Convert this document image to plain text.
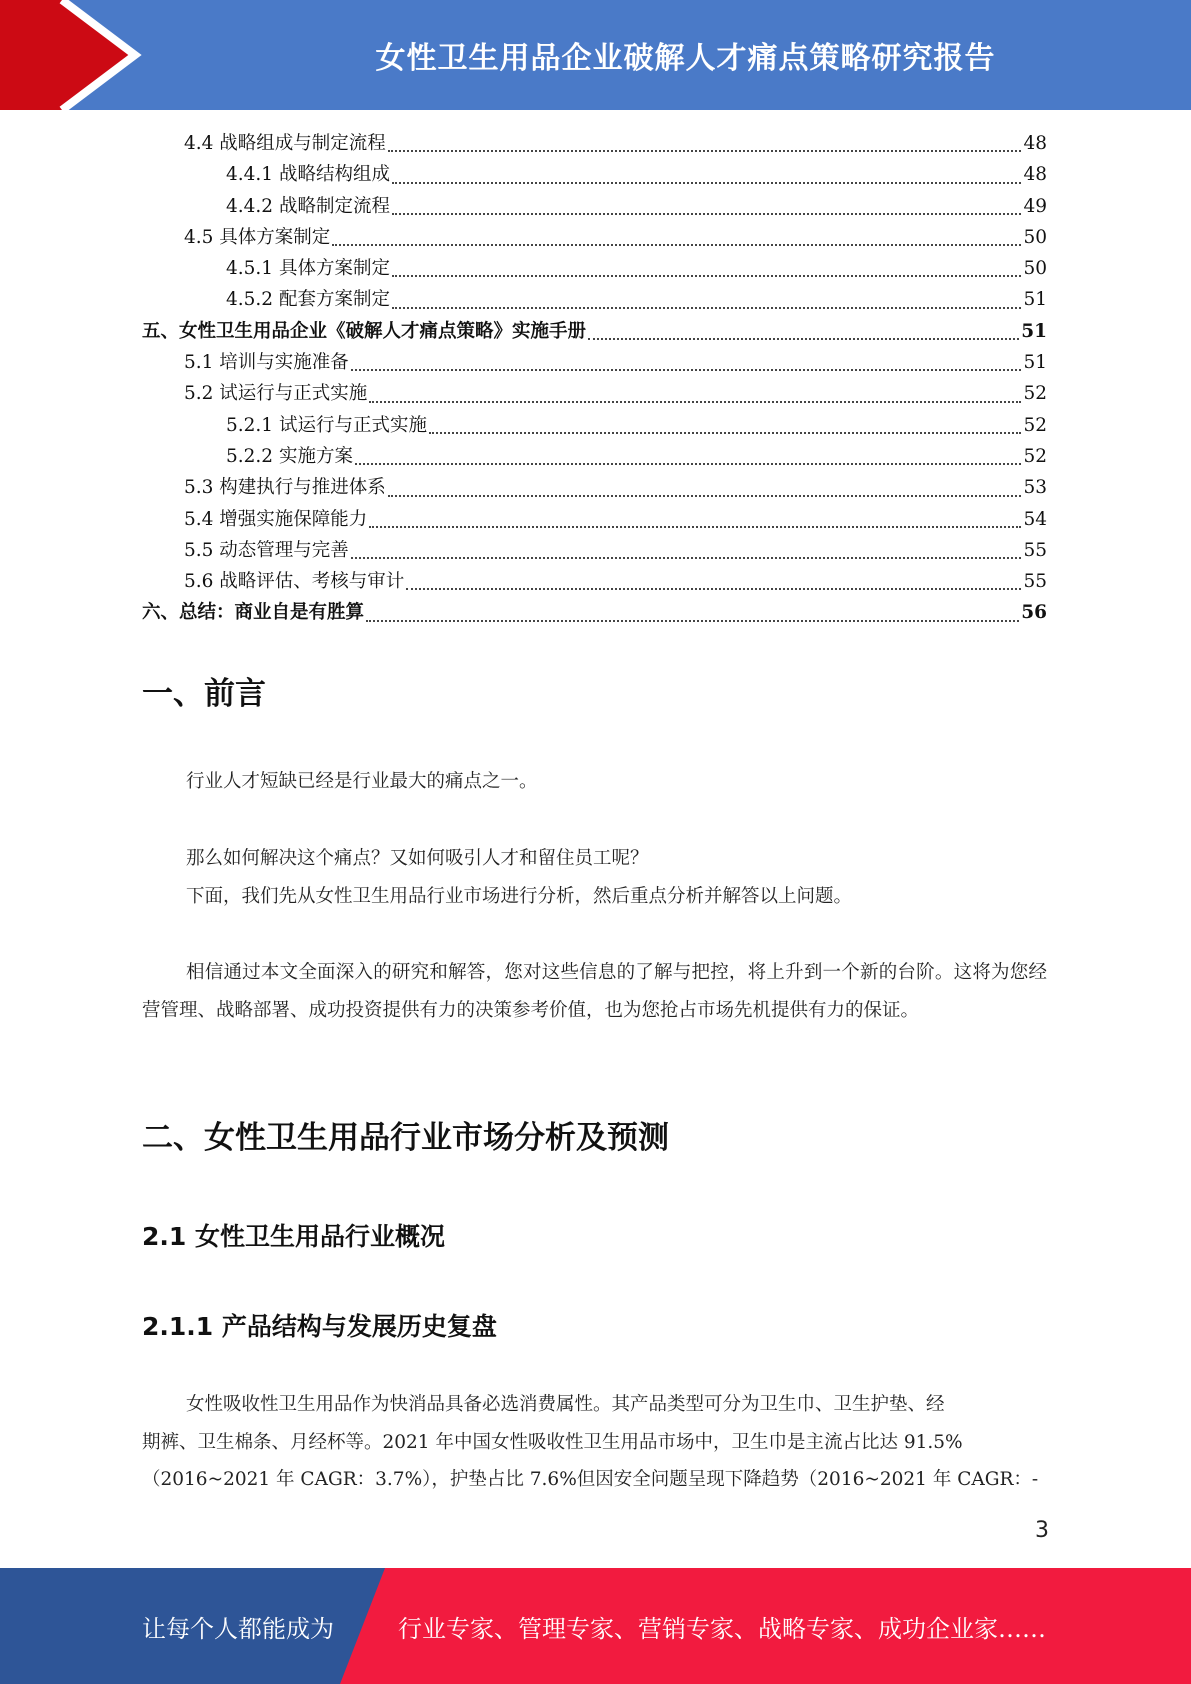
女性卫生用品企业破解人才痛点策略研究报告
4.4 战略组成与制定流程	48
4.4.1 战略结构组成	48
4.4.2 战略制定流程	49
4.5 具体方案制定	50
4.5.1 具体方案制定	50
4.5.2 配套方案制定	51
五、女性卫生用品企业《破解人才痛点策略》实施手册	51
5.1 培训与实施准备	51
5.2 试运行与正式实施	52
5.2.1 试运行与正式实施	52
5.2.2 实施方案	52
5.3 构建执行与推进体系	53
5.4 增强实施保障能力	54
5.5 动态管理与完善	55
5.6 战略评估、考核与审计	55
六、总结：商业自是有胜算	56
一、前言
行业人才短缺已经是行业最大的痛点之一。
那么如何解决这个痛点？又如何吸引人才和留住员工呢？
下面，我们先从女性卫生用品行业市场进行分析，然后重点分析并解答以上问题。
相信通过本文全面深入的研究和解答，您对这些信息的了解与把控，将上升到一个新的台阶。这将为您经营管理、战略部署、成功投资提供有力的决策参考价值，也为您抢占市场先机提供有力的保证。
二、女性卫生用品行业市场分析及预测
2.1 女性卫生用品行业概况
2.1.1 产品结构与发展历史复盘
女性吸收性卫生用品作为快消品具备必选消费属性。其产品类型可分为卫生巾、卫生护垫、经
期裤、卫生棉条、月经杯等。2021 年中国女性吸收性卫生用品市场中，卫生巾是主流占比达 91.5%
（2016~2021 年 CAGR：3.7%），护垫占比 7.6%但因安全问题呈现下降趋势（2016~2021 年 CAGR：-
3
让每个人都能成为	行业专家、管理专家、营销专家、战略专家、成功企业家……
